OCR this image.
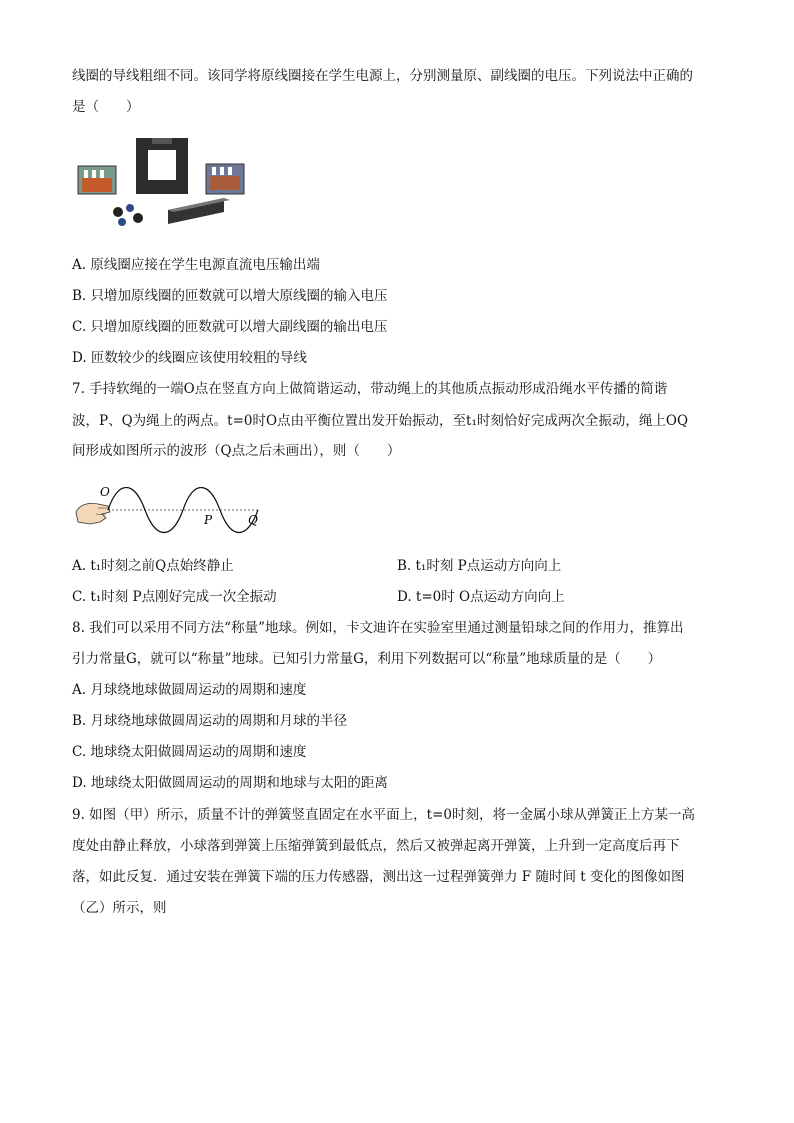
线圈的导线粗细不同。该同学将原线圈接在学生电源上，分别测量原、副线圈的电压。下列说法中正确的
是（　　）
A. 原线圈应接在学生电源直流电压输出端
B. 只增加原线圈的匝数就可以增大原线圈的输入电压
C. 只增加原线圈的匝数就可以增大副线圈的输出电压
D. 匝数较少的线圈应该使用较粗的导线
7. 手持软绳的一端O点在竖直方向上做简谐运动，带动绳上的其他质点振动形成沿绳水平传播的简谐
波，P、Q为绳上的两点。t=0时O点由平衡位置出发开始振动，至t₁时刻恰好完成两次全振动，绳上OQ
间形成如图所示的波形（Q点之后未画出），则（　　）
O
P	Q
A. t₁时刻之前Q点始终静止	B. t₁时刻 P点运动方向向上
C. t₁时刻 P点刚好完成一次全振动	D. t=0时 O点运动方向向上
8. 我们可以采用不同方法“称量”地球。例如，卡文迪许在实验室里通过测量铅球之间的作用力，推算出
引力常量G，就可以“称量”地球。已知引力常量G，利用下列数据可以“称量”地球质量的是（　　）
A. 月球绕地球做圆周运动的周期和速度
B. 月球绕地球做圆周运动的周期和月球的半径
C. 地球绕太阳做圆周运动的周期和速度
D. 地球绕太阳做圆周运动的周期和地球与太阳的距离
9. 如图（甲）所示，质量不计的弹簧竖直固定在水平面上，t=0时刻，将一金属小球从弹簧正上方某一高
度处由静止释放，小球落到弹簧上压缩弹簧到最低点，然后又被弹起离开弹簧，上升到一定高度后再下
落，如此反复．通过安装在弹簧下端的压力传感器，测出这一过程弹簧弹力 F 随时间 t 变化的图像如图
（乙）所示，则
